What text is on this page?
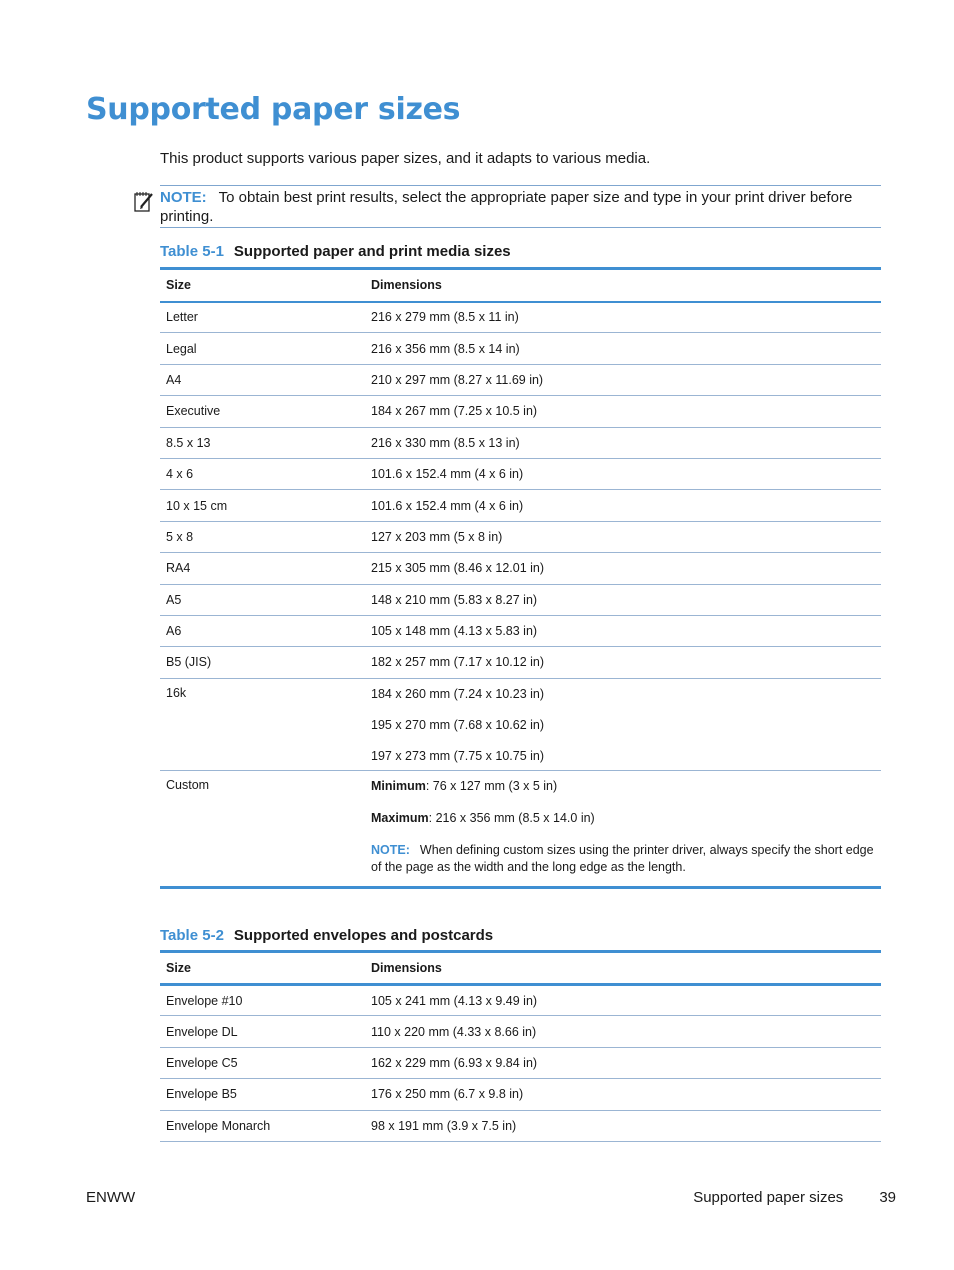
Supported paper sizes

This product supports various paper sizes, and it adapts to various media.

NOTE: To obtain best print results, select the appropriate paper size and type in your print driver before printing.
Table 5-1 Supported paper and print media sizes
Size	Dimensions
Letter	216 x 279 mm (8.5 x 11 in)
Legal	216 x 356 mm (8.5 x 14 in)
A4	210 x 297 mm (8.27 x 11.69 in)
Executive	184 x 267 mm (7.25 x 10.5 in)
8.5 x 13	216 x 330 mm (8.5 x 13 in)
4 x 6	101.6 x 152.4 mm (4 x 6 in)
10 x 15 cm	101.6 x 152.4 mm (4 x 6 in)
5 x 8	127 x 203 mm (5 x 8 in)
RA4	215 x 305 mm (8.46 x 12.01 in)
A5	148 x 210 mm (5.83 x 8.27 in)
A6	105 x 148 mm (4.13 x 5.83 in)
B5 (JIS)	182 x 257 mm (7.17 x 10.12 in)
16k	184 x 260 mm (7.24 x 10.23 in)
195 x 270 mm (7.68 x 10.62 in)
197 x 273 mm (7.75 x 10.75 in)

Custom	Minimum: 76 x 127 mm (3 x 5 in)
Maximum: 216 x 356 mm (8.5 x 14.0 in)
NOTE: When defining custom sizes using the printer driver, always specify the short edge of the page as the width and the long edge as the length.
Table 5-2 Supported envelopes and postcards
Size	Dimensions
Envelope #10	105 x 241 mm (4.13 x 9.49 in)
Envelope DL	110 x 220 mm (4.33 x 8.66 in)
Envelope C5	162 x 229 mm (6.93 x 9.84 in)
Envelope B5	176 x 250 mm (6.7 x 9.8 in)
Envelope Monarch	98 x 191 mm (3.9 x 7.5 in)
ENWW	Supported paper sizes 39
